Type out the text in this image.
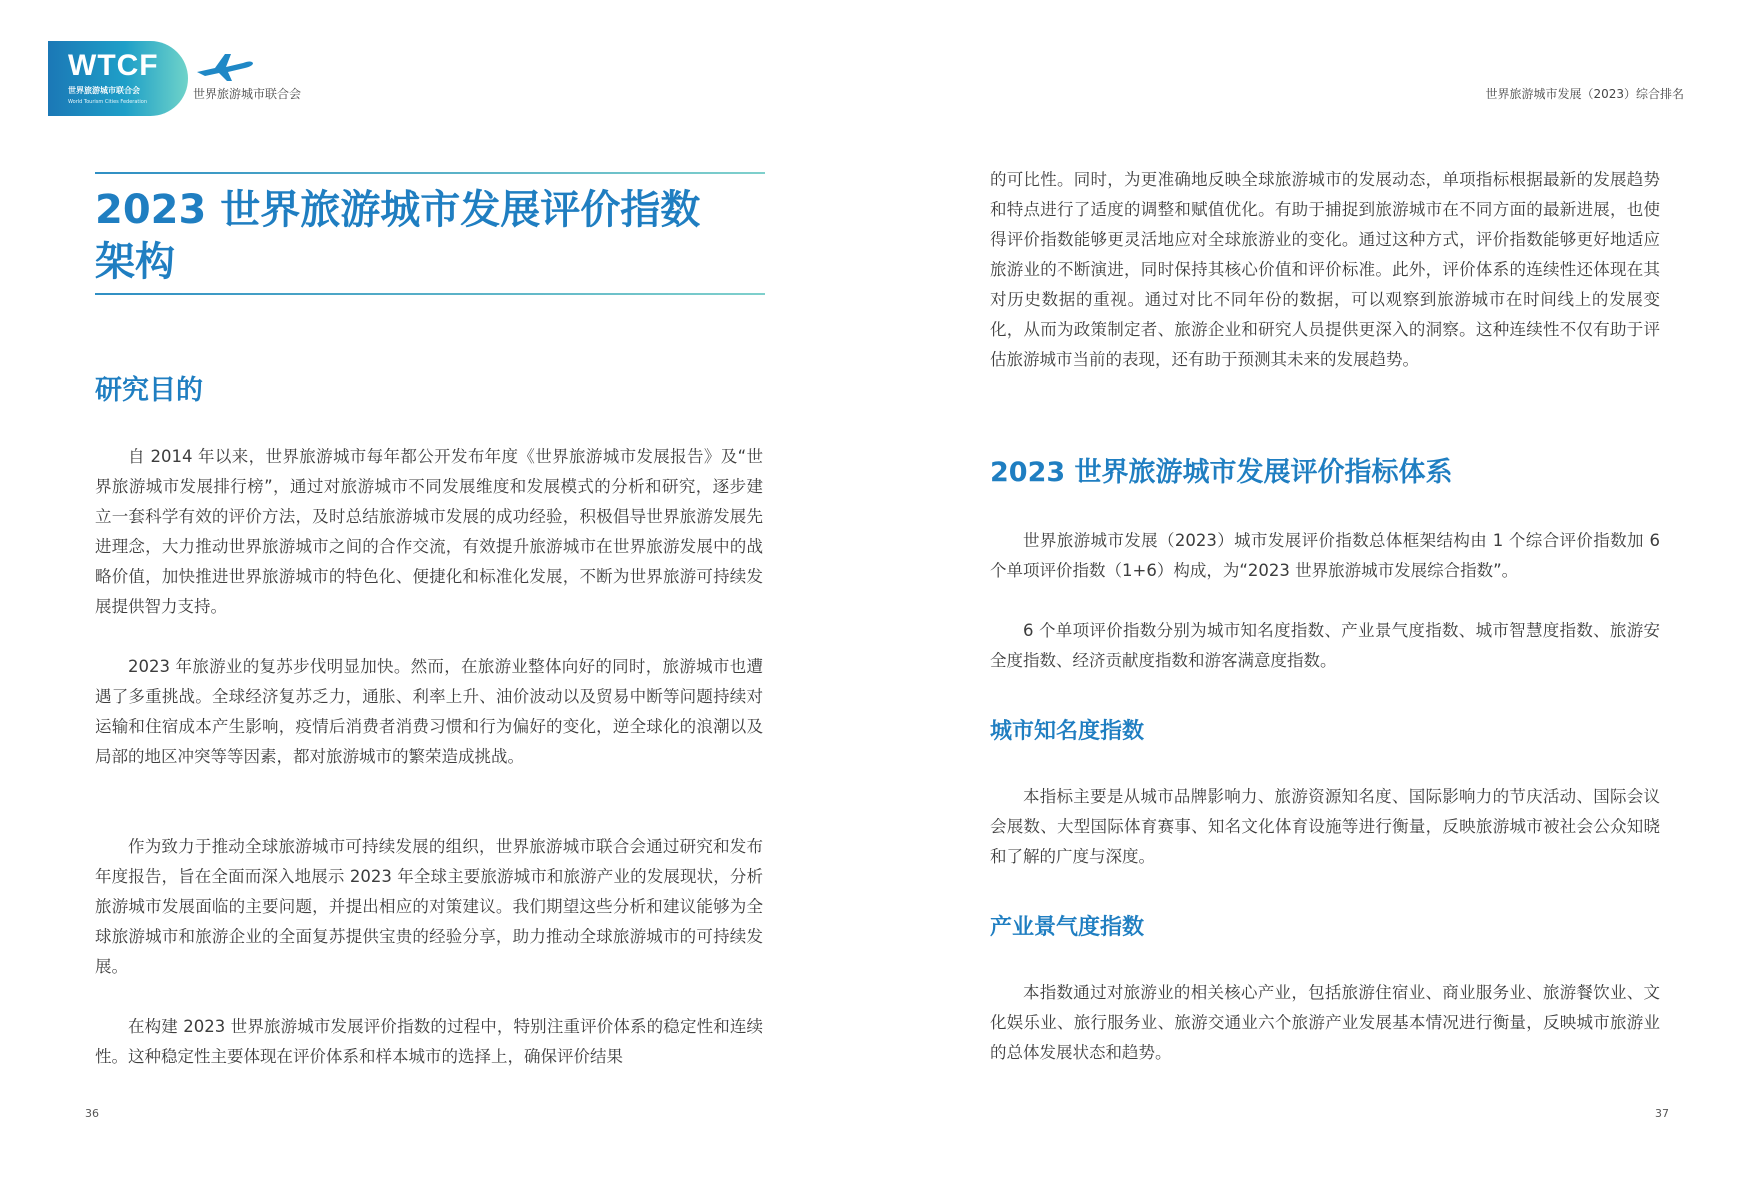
WTCF
世界旅游城市联合会
World Tourism Cities Federation
世界旅游城市联合会	世界旅游城市发展（2023）综合排名
2023 世界旅游城市发展评价指数架构
研究目的

自 2014 年以来，世界旅游城市每年都公开发布年度《世界旅游城市发展报告》及“世界旅游城市发展排行榜”，通过对旅游城市不同发展维度和发展模式的分析和研究，逐步建立一套科学有效的评价方法，及时总结旅游城市发展的成功经验，积极倡导世界旅游发展先进理念，大力推动世界旅游城市之间的合作交流，有效提升旅游城市在世界旅游发展中的战略价值，加快推进世界旅游城市的特色化、便捷化和标准化发展，不断为世界旅游可持续发展提供智力支持。

2023 年旅游业的复苏步伐明显加快。然而，在旅游业整体向好的同时，旅游城市也遭遇了多重挑战。全球经济复苏乏力，通胀、利率上升、油价波动以及贸易中断等问题持续对运输和住宿成本产生影响，疫情后消费者消费习惯和行为偏好的变化，逆全球化的浪潮以及局部的地区冲突等等因素，都对旅游城市的繁荣造成挑战。

作为致力于推动全球旅游城市可持续发展的组织，世界旅游城市联合会通过研究和发布年度报告，旨在全面而深入地展示 2023 年全球主要旅游城市和旅游产业的发展现状，分析旅游城市发展面临的主要问题，并提出相应的对策建议。我们期望这些分析和建议能够为全球旅游城市和旅游企业的全面复苏提供宝贵的经验分享，助力推动全球旅游城市的可持续发展。

在构建 2023 世界旅游城市发展评价指数的过程中，特别注重评价体系的稳定性和连续性。这种稳定性主要体现在评价体系和样本城市的选择上，确保评价结果

36

的可比性。同时，为更准确地反映全球旅游城市的发展动态，单项指标根据最新的发展趋势和特点进行了适度的调整和赋值优化。有助于捕捉到旅游城市在不同方面的最新进展，也使得评价指数能够更灵活地应对全球旅游业的变化。通过这种方式，评价指数能够更好地适应旅游业的不断演进，同时保持其核心价值和评价标准。此外，评价体系的连续性还体现在其对历史数据的重视。通过对比不同年份的数据，可以观察到旅游城市在时间线上的发展变化，从而为政策制定者、旅游企业和研究人员提供更深入的洞察。这种连续性不仅有助于评估旅游城市当前的表现，还有助于预测其未来的发展趋势。

2023 世界旅游城市发展评价指标体系

世界旅游城市发展（2023）城市发展评价指数总体框架结构由 1 个综合评价指数加 6 个单项评价指数（1+6）构成，为“2023 世界旅游城市发展综合指数”。

6 个单项评价指数分别为城市知名度指数、产业景气度指数、城市智慧度指数、旅游安全度指数、经济贡献度指数和游客满意度指数。

城市知名度指数

本指标主要是从城市品牌影响力、旅游资源知名度、国际影响力的节庆活动、国际会议会展数、大型国际体育赛事、知名文化体育设施等进行衡量，反映旅游城市被社会公众知晓和了解的广度与深度。

产业景气度指数

本指数通过对旅游业的相关核心产业，包括旅游住宿业、商业服务业、旅游餐饮业、文化娱乐业、旅行服务业、旅游交通业六个旅游产业发展基本情况进行衡量，反映城市旅游业的总体发展状态和趋势。

37
